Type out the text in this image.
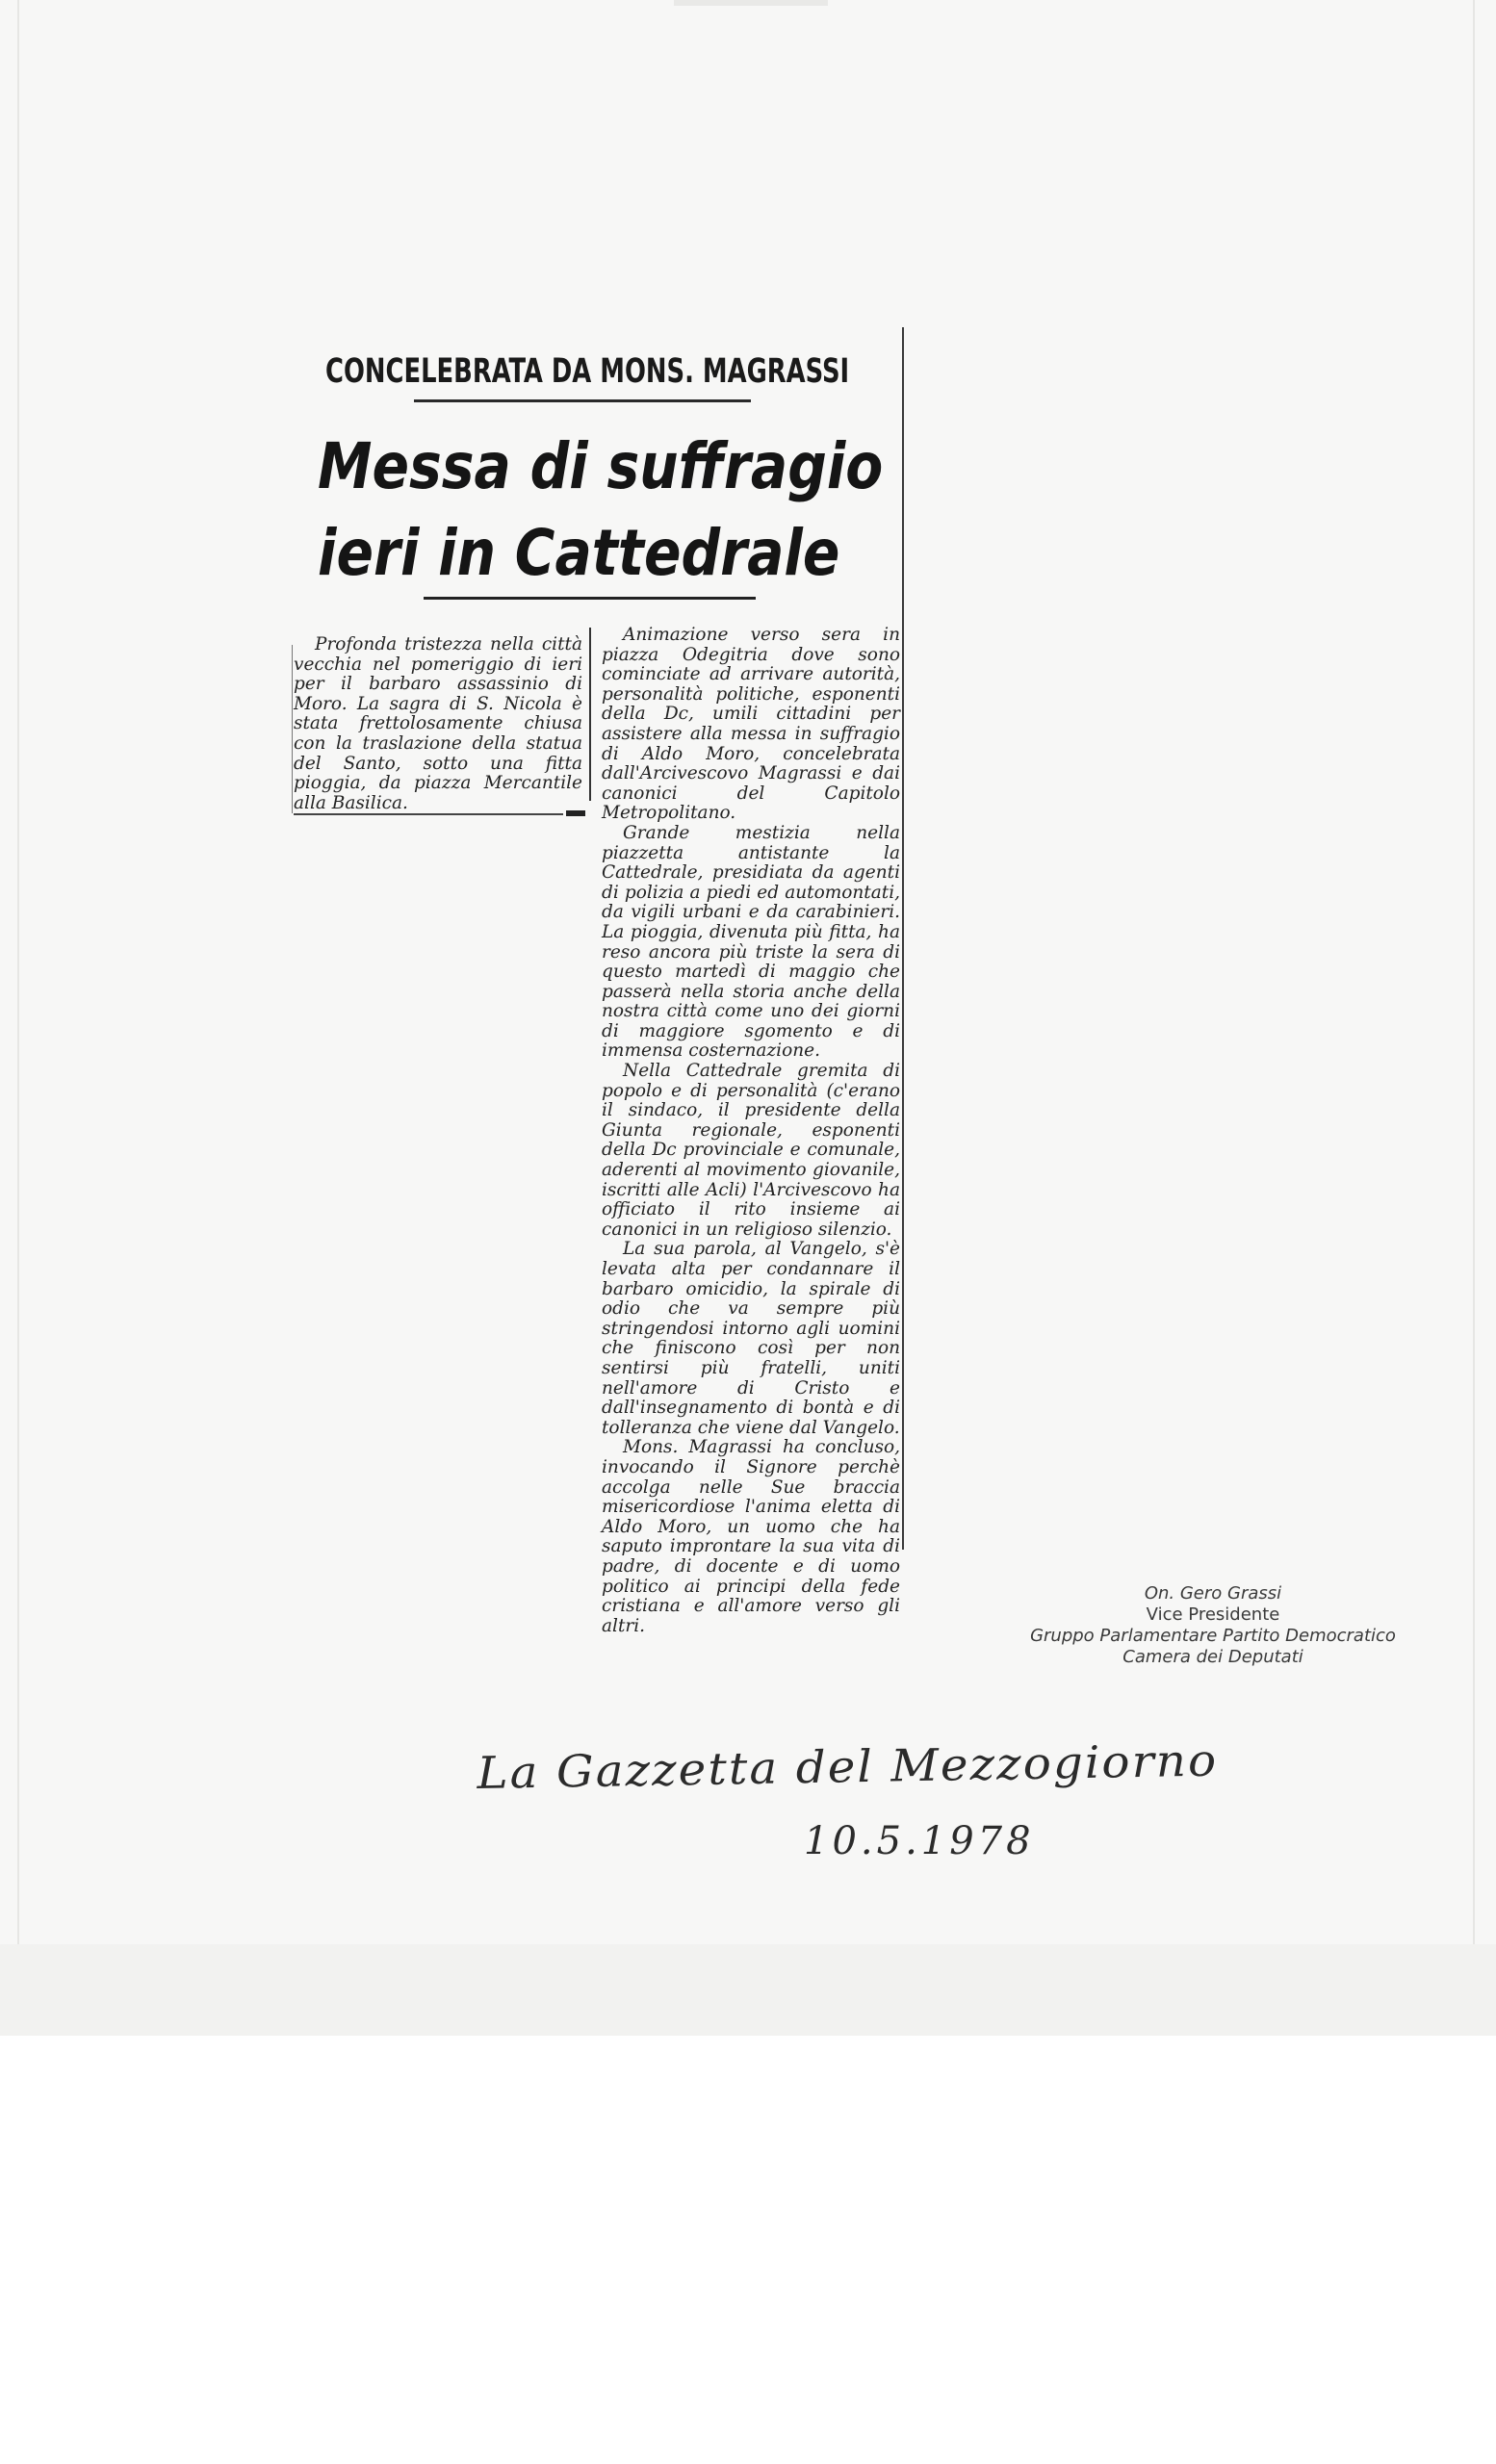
CONCELEBRATA DA MONS. MAGRASSI
Messa di suffragio
ieri in Cattedrale

Profonda tristezza nella città vecchia nel pomeriggio di ieri per il barbaro assassinio di Moro. La sagra di S. Nicola è stata frettolosamente chiusa con la traslazione della statua del Santo, sotto una fitta pioggia, da piazza Mercantile alla Basilica.

Animazione verso sera in piazza Odegitria dove sono cominciate ad arrivare autorità, personalità politiche, esponenti della Dc, umili cittadini per assistere alla messa in suffragio di Aldo Moro, concelebrata dall'Arcivescovo Magrassi e dai canonici del Capitolo Metropolitano.

Grande mestizia nella piazzetta antistante la Cattedrale, presidiata da agenti di polizia a piedi ed automontati, da vigili urbani e da carabinieri. La pioggia, divenuta più fitta, ha reso ancora più triste la sera di questo martedì di maggio che passerà nella storia anche della nostra città come uno dei giorni di maggiore sgomento e di immensa costernazione.

Nella Cattedrale gremita di popolo e di personalità (c'erano il sindaco, il presidente della Giunta regionale, esponenti della Dc provinciale e comunale, aderenti al movimento giovanile, iscritti alle Acli) l'Arcivescovo ha officiato il rito insieme ai canonici in un religioso silenzio.

La sua parola, al Vangelo, s'è levata alta per condannare il barbaro omicidio, la spirale di odio che va sempre più stringendosi intorno agli uomini che finiscono così per non sentirsi più fratelli, uniti nell'amore di Cristo e dall'insegnamento di bontà e di tolleranza che viene dal Vangelo.

Mons. Magrassi ha concluso, invocando il Signore perchè accolga nelle Sue braccia misericordiose l'anima eletta di Aldo Moro, un uomo che ha saputo improntare la sua vita di padre, di docente e di uomo politico ai principi della fede cristiana e all'amore verso gli altri.

On. Gero Grassi
Vice Presidente
Gruppo Parlamentare Partito Democratico
Camera dei Deputati
La Gazzetta del Mezzogiorno
10.5.1978
